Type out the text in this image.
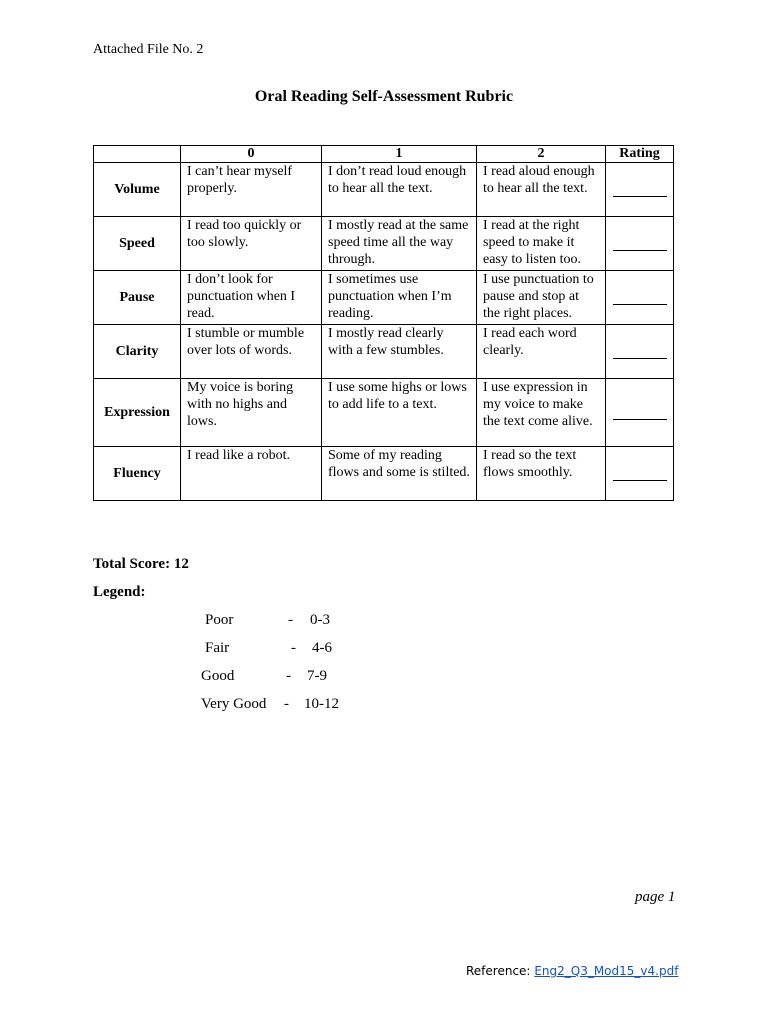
Attached File No. 2
Oral Reading Self-Assessment Rubric
	0	1	2	Rating
Volume	I can’t hear myself properly.	I don’t read loud enough to hear all the text.	I read aloud enough to hear all the text.	
Speed	I read too quickly or too slowly.	I mostly read at the same speed time all the way through.	I read at the right speed to make it easy to listen too.	
Pause	I don’t look for punctuation when I read.	I sometimes use punctuation when I’m reading.	I use punctuation to pause and stop at the right places.	
Clarity	I stumble or mumble over lots of words.	I mostly read clearly with a few stumbles.	I read each word clearly.	
Expression	My voice is boring with no highs and lows.	I use some highs or lows to add life to a text.	I use expression in my voice to make the text come alive.	
Fluency	I read like a robot.	Some of my reading flows and some is stilted.	I read so the text flows smoothly.	
Total Score: 12
Legend:
Poor	- 0-3
Fair	- 4-6
Good	- 7-9
Very Good - 10-12
page 1
Reference: Eng2_Q3_Mod15_v4.pdf
